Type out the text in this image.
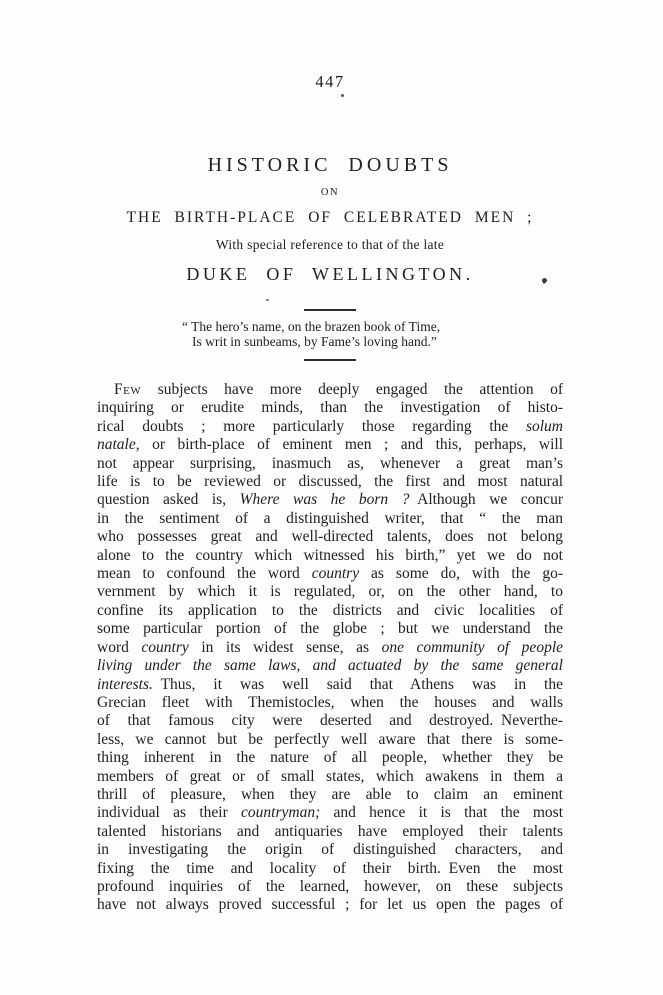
447
HISTORIC DOUBTS
ON
THE BIRTH-PLACE OF CELEBRATED MEN ;
With special reference to that of the late
DUKE OF WELLINGTON.
“ The hero’s name, on the brazen book of Time,
Is writ in sunbeams, by Fame’s loving hand.”
Few subjects have more deeply engaged the attention of
inquiring or erudite minds, than the investigation of histo-
rical doubts ; more particularly those regarding the solum
natale, or birth-place of eminent men ; and this, perhaps, will
not appear surprising, inasmuch as, whenever a great man’s
life is to be reviewed or discussed, the first and most natural
question asked is, Where was he born ? Although we concur
in the sentiment of a distinguished writer, that “ the man
who possesses great and well-directed talents, does not belong
alone to the country which witnessed his birth,” yet we do not
mean to confound the word country as some do, with the go-
vernment by which it is regulated, or, on the other hand, to
confine its application to the districts and civic localities of
some particular portion of the globe ; but we understand the
word country in its widest sense, as one community of people
living under the same laws, and actuated by the same general
interests. Thus, it was well said that Athens was in the
Grecian fleet with Themistocles, when the houses and walls
of that famous city were deserted and destroyed. Neverthe-
less, we cannot but be perfectly well aware that there is some-
thing inherent in the nature of all people, whether they be
members of great or of small states, which awakens in them a
thrill of pleasure, when they are able to claim an eminent
individual as their countryman; and hence it is that the most
talented historians and antiquaries have employed their talents
in investigating the origin of distinguished characters, and
fixing the time and locality of their birth. Even the most
profound inquiries of the learned, however, on these subjects
have not always proved successful ; for let us open the pages of
